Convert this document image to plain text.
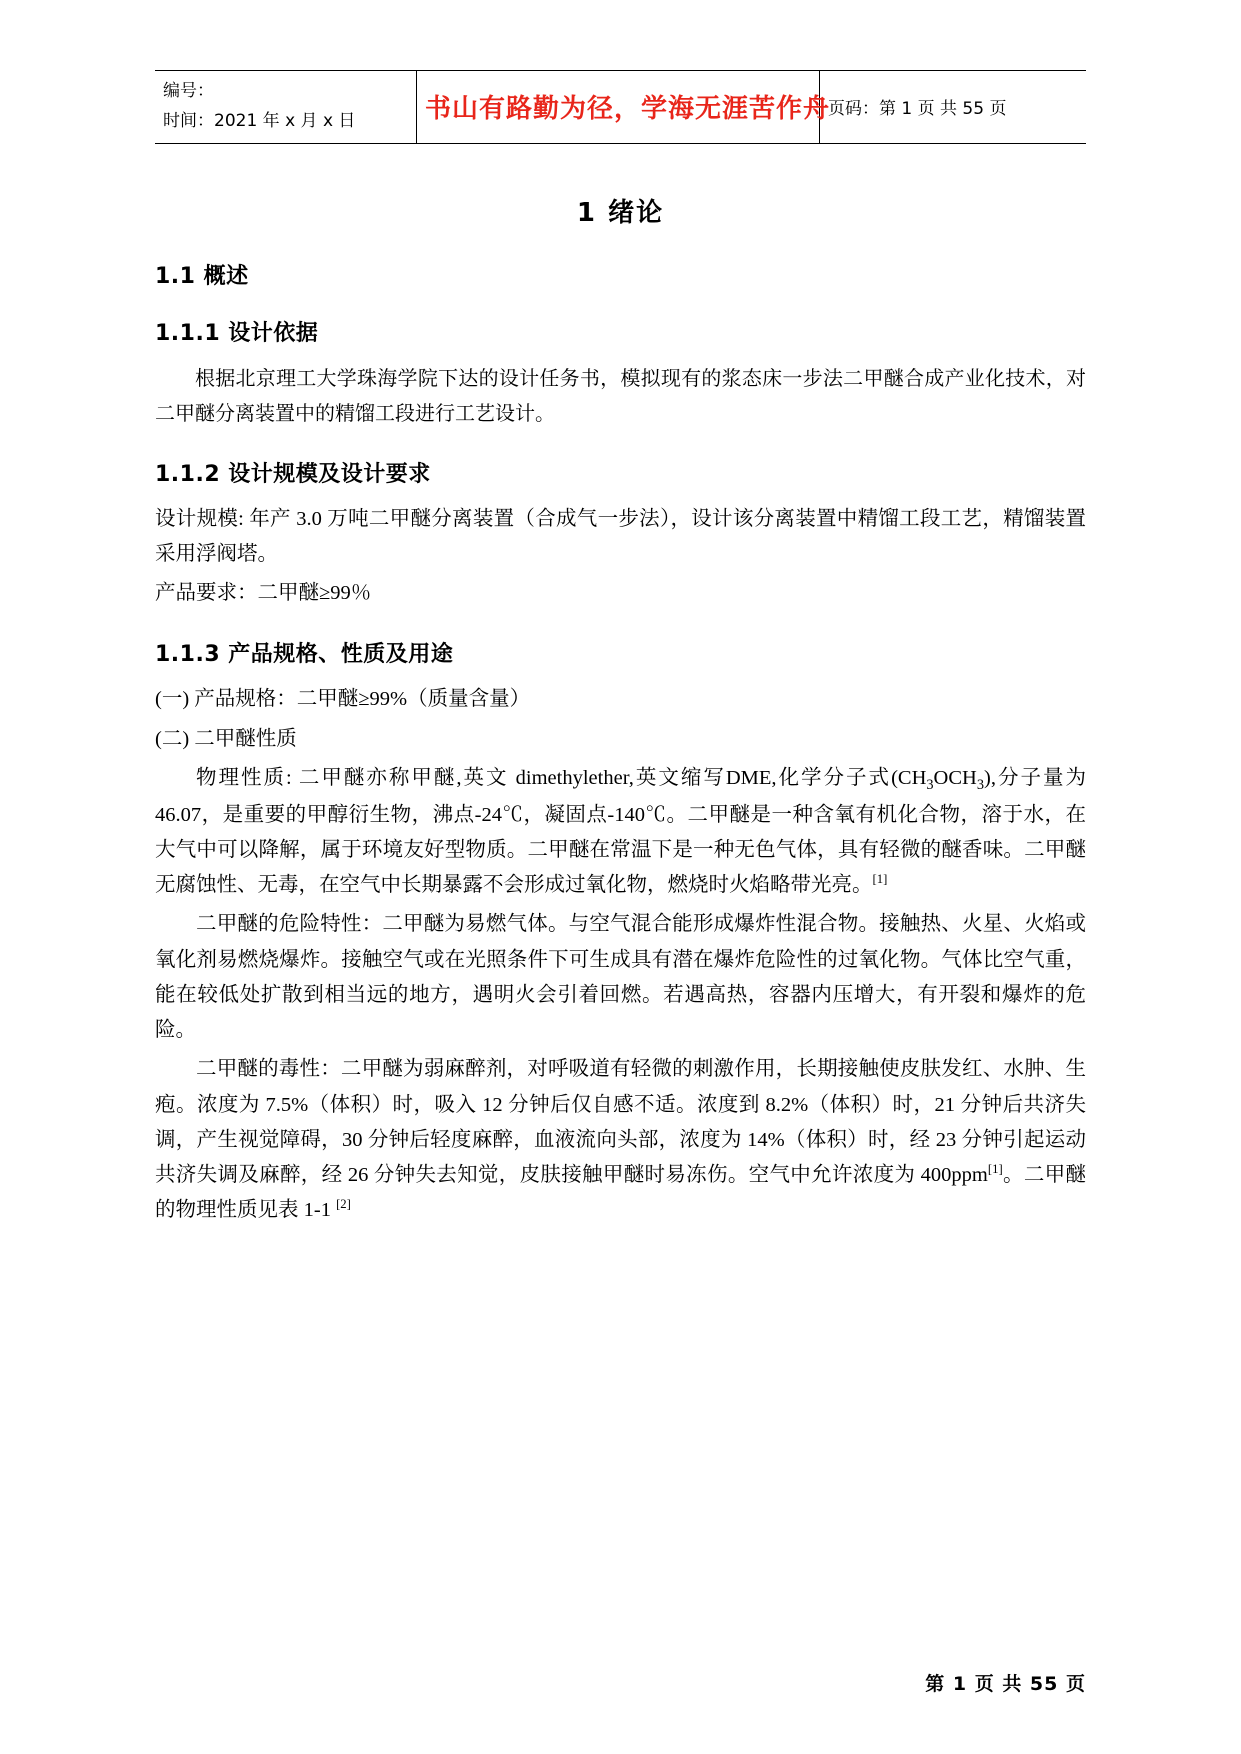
编号：
时间：2021 年 x 月 x 日	书山有路勤为径，学海无涯苦作舟	页码：第 1 页 共 55 页
1 绪论
1.1 概述
1.1.1 设计依据

根据北京理工大学珠海学院下达的设计任务书，模拟现有的浆态床一步法二甲醚合成产业化技术，对二甲醚分离装置中的精馏工段进行工艺设计。

1.1.2 设计规模及设计要求

设计规模: 年产 3.0 万吨二甲醚分离装置（合成气一步法），设计该分离装置中精馏工段工艺，精馏装置采用浮阀塔。

产品要求：二甲醚≥99％

1.1.3 产品规格、性质及用途

(一) 产品规格：二甲醚≥99%（质量含量）

(二) 二甲醚性质

物理性质: 二甲醚亦称甲醚,英文 dimethylether,英文缩写DME,化学分子式$(CH_3OCH_3)$,分子量为 46.07，是重要的甲醇衍生物，沸点-24℃，凝固点-140℃。二甲醚是一种含氧有机化合物，溶于水，在大气中可以降解，属于环境友好型物质。二甲醚在常温下是一种无色气体，具有轻微的醚香味。二甲醚无腐蚀性、无毒，在空气中长期暴露不会形成过氧化物，燃烧时火焰略带光亮。[1]

二甲醚的危险特性：二甲醚为易燃气体。与空气混合能形成爆炸性混合物。接触热、火星、火焰或氧化剂易燃烧爆炸。接触空气或在光照条件下可生成具有潜在爆炸危险性的过氧化物。气体比空气重，能在较低处扩散到相当远的地方，遇明火会引着回燃。若遇高热，容器内压增大，有开裂和爆炸的危险。

二甲醚的毒性：二甲醚为弱麻醉剂，对呼吸道有轻微的刺激作用，长期接触使皮肤发红、水肿、生疱。浓度为 7.5%（体积）时，吸入 12 分钟后仅自感不适。浓度到 8.2%（体积）时，21 分钟后共济失调，产生视觉障碍，30 分钟后轻度麻醉，血液流向头部，浓度为 14%（体积）时，经 23 分钟引起运动共济失调及麻醉，经 26 分钟失去知觉，皮肤接触甲醚时易冻伤。空气中允许浓度为 400ppm[1]。二甲醚的物理性质见表 1-1 [2]

第 1 页 共 55 页
